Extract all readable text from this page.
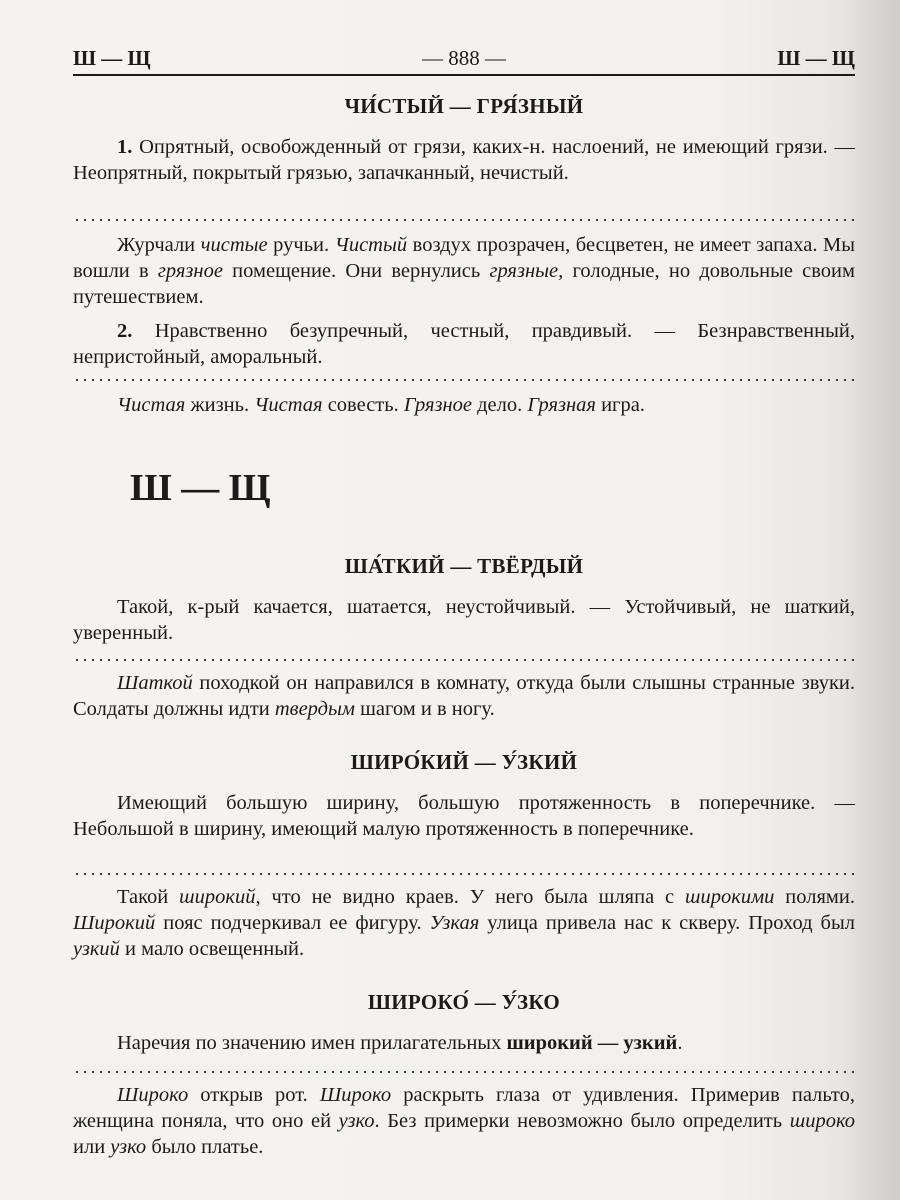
Ш — Щ	— 888 —	Ш — Щ
ЧИ́СТЫЙ — ГРЯ́ЗНЫЙ
1. Опрятный, освобожденный от грязи, каких-н. наслоений, не имеющий грязи. — Неопрятный, покрытый грязью, запачканный, нечистый.
Журчали чистые ручьи. Чистый воздух прозрачен, бесцветен, не имеет запаха. Мы вошли в грязное помещение. Они вернулись грязные, голодные, но довольные своим путешествием.
2. Нравственно безупречный, честный, правдивый. — Безнравственный, непристойный, аморальный.
Чистая жизнь. Чистая совесть. Грязное дело. Грязная игра.
Ш — Щ
ША́ТКИЙ — ТВЁРДЫЙ
Такой, к-рый качается, шатается, неустойчивый. — Устойчивый, не шаткий, уверенный.
Шаткой походкой он направился в комнату, откуда были слышны странные звуки. Солдаты должны идти твердым шагом и в ногу.
ШИРО́КИЙ — У́ЗКИЙ
Имеющий большую ширину, большую протяженность в поперечнике. — Небольшой в ширину, имеющий малую протяженность в поперечнике.
Такой широкий, что не видно краев. У него была шляпа с широкими полями. Широкий пояс подчеркивал ее фигуру. Узкая улица привела нас к скверу. Проход был узкий и мало освещенный.
ШИРОКО́ — У́ЗКО
Наречия по значению имен прилагательных широкий — узкий.
Широко открыв рот. Широко раскрыть глаза от удивления. Примерив пальто, женщина поняла, что оно ей узко. Без примерки невозможно было определить широко или узко было платье.
